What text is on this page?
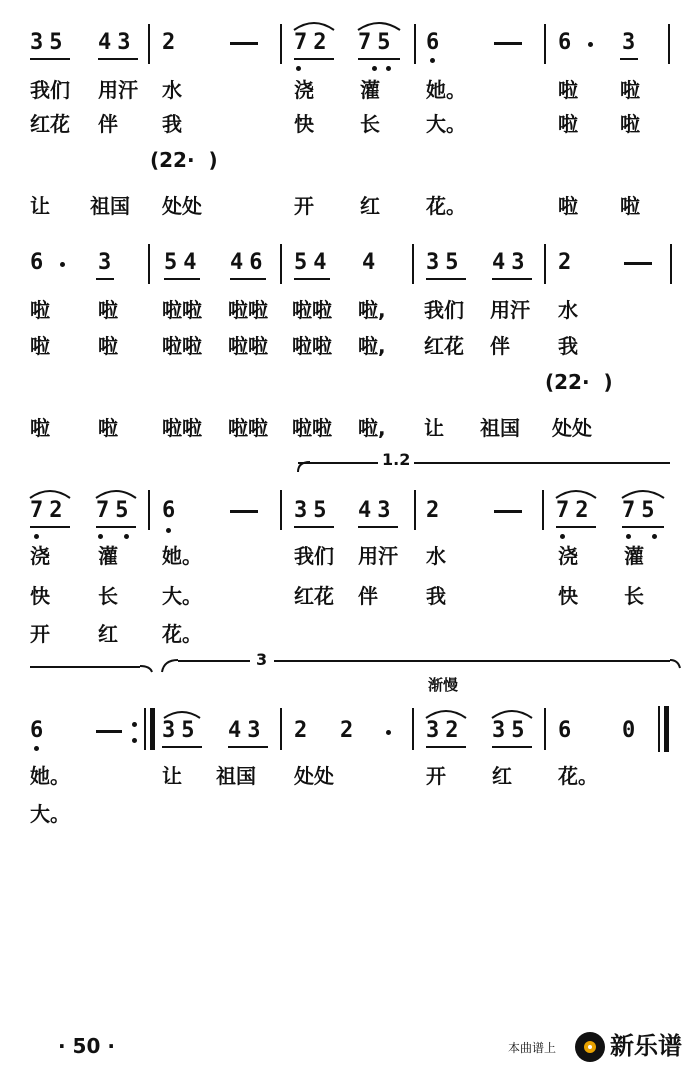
35 43 2	72 75 6	6 3
我们 用汗 水	浇 灌 她。	啦 啦
红花 伴 我	快 长 大。	啦 啦
(22·  )
让 祖国 处处	开 红 花。	啦 啦
6 3 54 46 54 4 35 43 2
啦 啦 啦啦 啦啦 啦啦 啦, 我们 用汗 水
啦 啦 啦啦 啦啦 啦啦 啦, 红花 伴 我
(22·  )
啦 啦 啦啦 啦啦 啦啦 啦, 让 祖国 处处
1.2
72 75 6	35 43 2	72 75
浇 灌 她。	我们 用汗 水	浇 灌
快 长 大。	红花 伴 我	快 长
开 红 花。
3
渐慢
6	35 43 2 2	32 35 6 0
她。	让 祖国 处处	开 红 花。
大。
· 50 ·	本曲谱上 新乐谱
